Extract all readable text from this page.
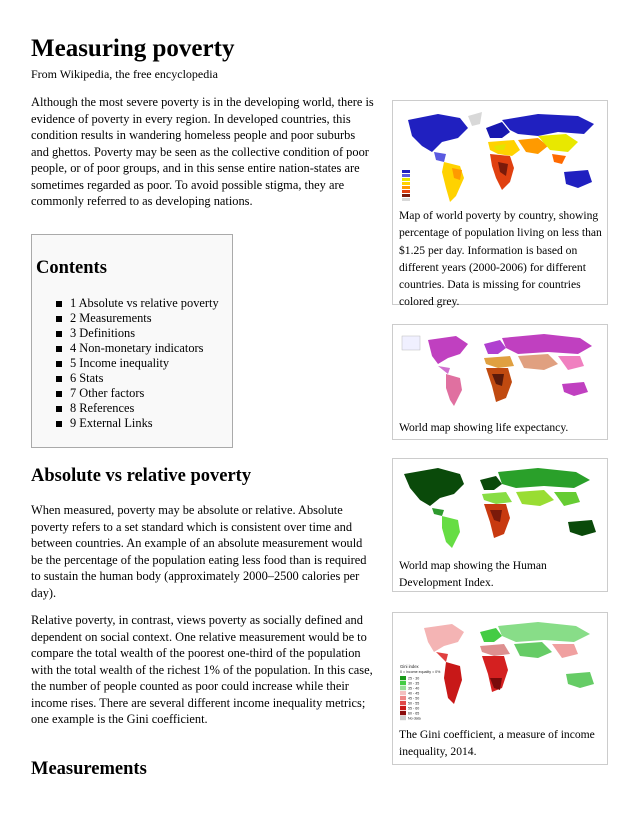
Measuring poverty
From Wikipedia, the free encyclopedia
Although the most severe poverty is in the developing world, there is evidence of poverty in every region. In developed countries, this condition results in wandering homeless people and poor suburbs and ghettos. Poverty may be seen as the collective condition of poor people, or of poor groups, and in this sense entire nation-states are sometimes regarded as poor. To avoid possible stigma, they are commonly referred to as developing nations.
Contents
1 Absolute vs relative poverty
2 Measurements
3 Definitions
4 Non-monetary indicators
5 Income inequality
6 Stats
7 Other factors
8 References
9 External Links
Absolute vs relative poverty
When measured, poverty may be absolute or relative. Absolute poverty refers to a set standard which is consistent over time and between countries. An example of an absolute measurement would be the percentage of the population eating less food than is required to sustain the human body (approximately 2000–2500 calories per day).
Relative poverty, in contrast, views poverty as socially defined and dependent on social context. One relative measurement would be to compare the total wealth of the poorest one-third of the population with the total wealth of the richest 1% of the population. In this case, the number of people counted as poor could increase while their income rises. There are several different income inequality metrics; one example is the Gini coefficient.
Measurements
Map of world poverty by country, showing percentage of population living on less than $1.25 per day. Information is based on different years (2000-2006) for different countries. Data is missing for countries colored grey.
World map showing life expectancy.
World map showing the Human Development Index.
Gini index
0 = income equality = 0%
25 - 30
30 - 35
35 - 40
40 - 45
45 - 50
50 - 55
55 - 60
60 - 65
No data
The Gini coefficient, a measure of income inequality, 2014.
